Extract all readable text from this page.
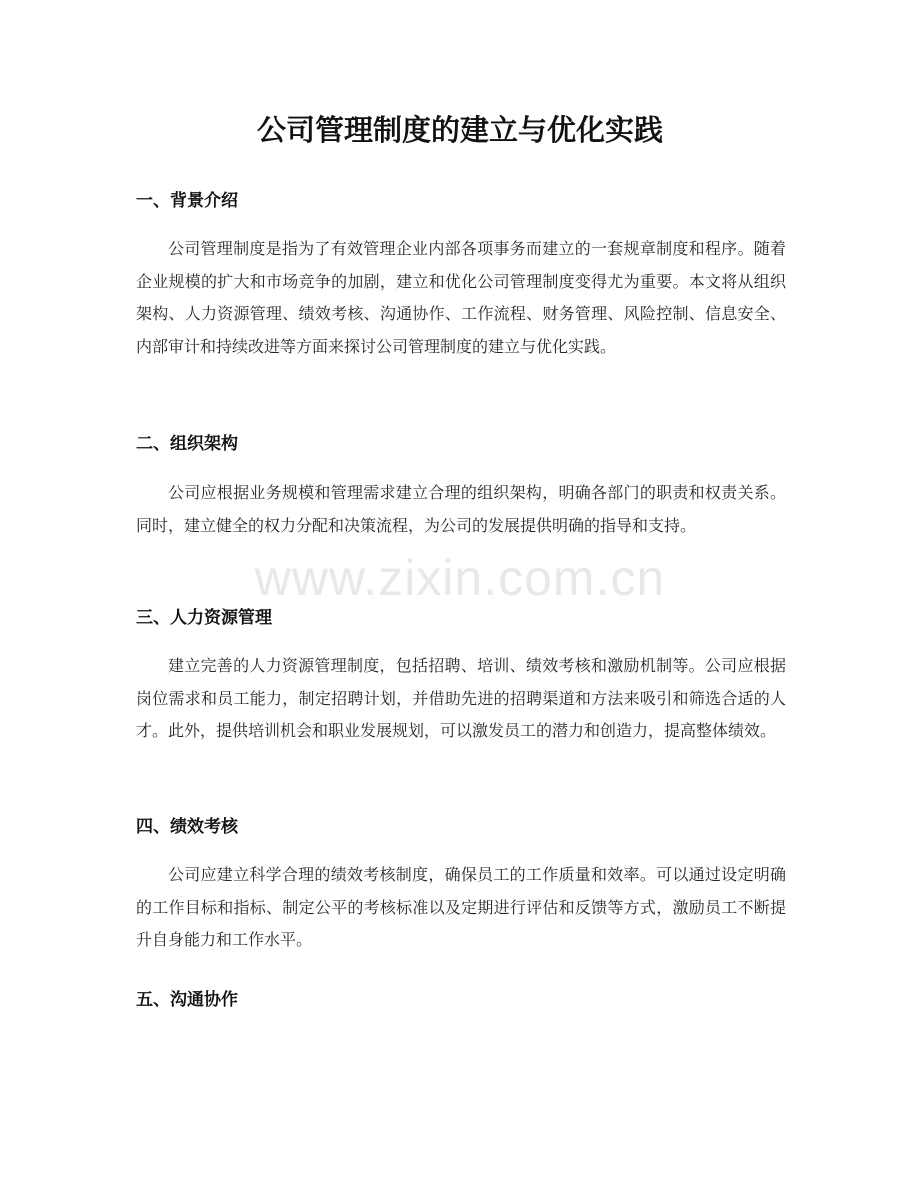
公司管理制度的建立与优化实践
一、背景介绍

公司管理制度是指为了有效管理企业内部各项事务而建立的一套规章制度和程序。随着企业规模的扩大和市场竞争的加剧，建立和优化公司管理制度变得尤为重要。本文将从组织架构、人力资源管理、绩效考核、沟通协作、工作流程、财务管理、风险控制、信息安全、内部审计和持续改进等方面来探讨公司管理制度的建立与优化实践。

二、组织架构

公司应根据业务规模和管理需求建立合理的组织架构，明确各部门的职责和权责关系。同时，建立健全的权力分配和决策流程，为公司的发展提供明确的指导和支持。

三、人力资源管理

建立完善的人力资源管理制度，包括招聘、培训、绩效考核和激励机制等。公司应根据岗位需求和员工能力，制定招聘计划，并借助先进的招聘渠道和方法来吸引和筛选合适的人才。此外，提供培训机会和职业发展规划，可以激发员工的潜力和创造力，提高整体绩效。

四、绩效考核

公司应建立科学合理的绩效考核制度，确保员工的工作质量和效率。可以通过设定明确的工作目标和指标、制定公平的考核标准以及定期进行评估和反馈等方式，激励员工不断提升自身能力和工作水平。

五、沟通协作
www.zixin.com.cn
